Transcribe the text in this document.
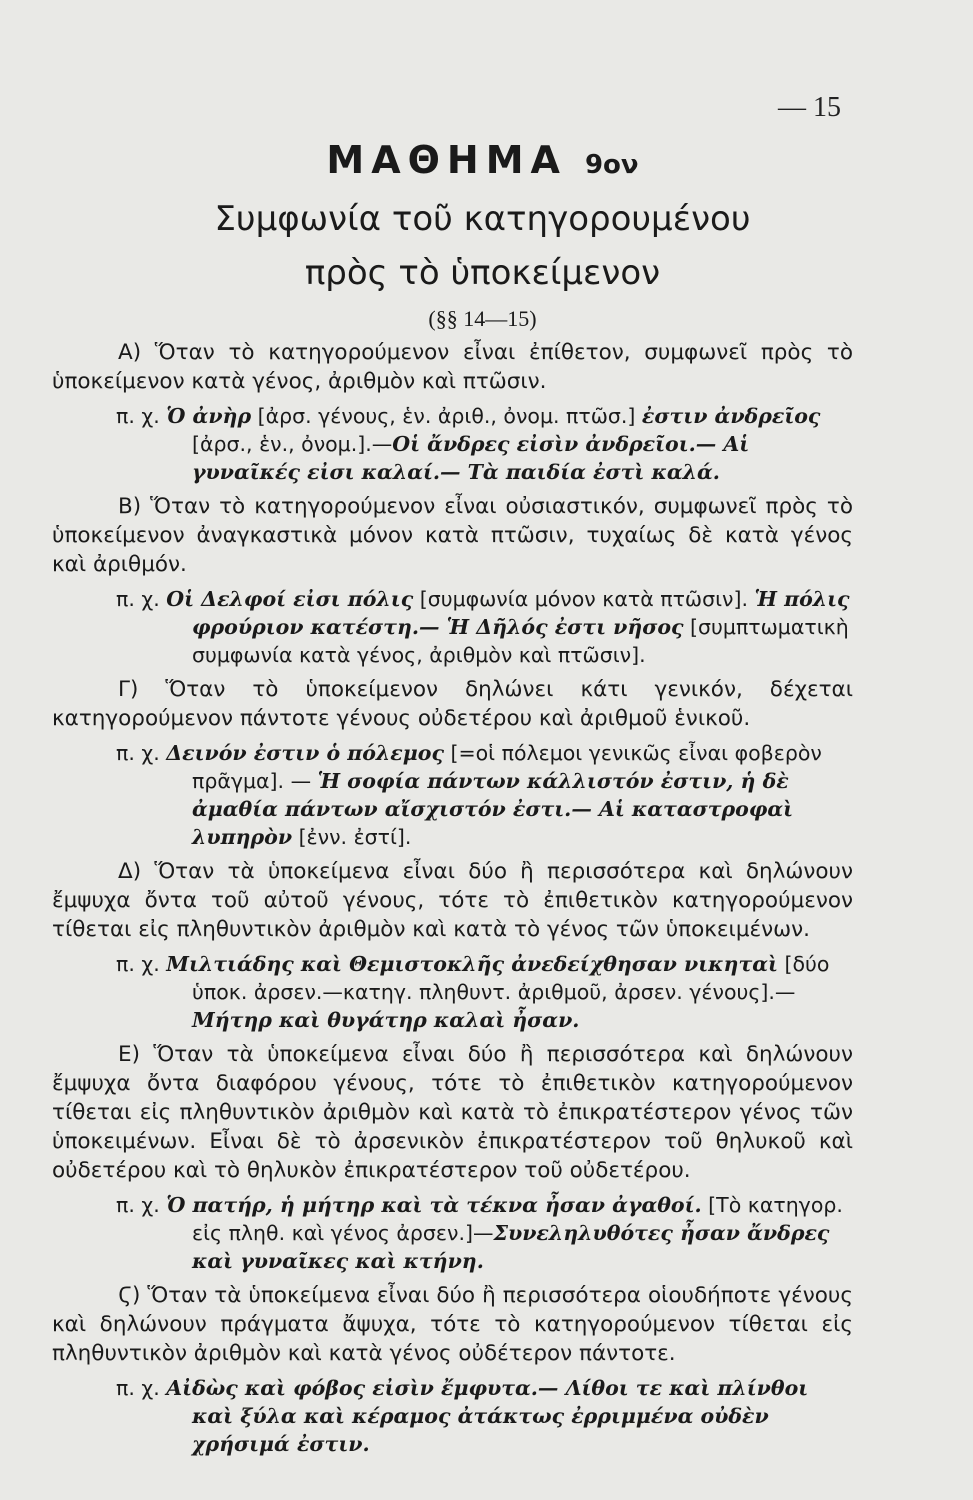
— 15
ΜΑΘΗΜΑ 9ον
Συμφωνία τοῦ κατηγορουμένου
πρὸς τὸ ὑποκείμενον
(§§ 14—15)

Α) Ὅταν τὸ κατηγορούμενον εἶναι ἐπίθετον, συμφωνεῖ πρὸς τὸ ὑποκείμενον κατὰ γένος, ἀριθμὸν καὶ πτῶσιν.

π. χ. Ὁ ἀνὴρ [ἀρσ. γένους, ἑν. ἀριθ., ὀνομ. πτῶσ.] ἐστιν ἀνδρεῖος [ἀρσ., ἑν., ὀνομ.].—Οἱ ἄνδρες εἰσὶν ἀνδρεῖοι.— Αἱ γυναῖκές εἰσι καλαί.— Τὰ παιδία ἐστὶ καλά.

Β) Ὅταν τὸ κατηγορούμενον εἶναι οὐσιαστικόν, συμφωνεῖ πρὸς τὸ ὑποκείμενον ἀναγκαστικὰ μόνον κατὰ πτῶσιν, τυχαίως δὲ κατὰ γένος καὶ ἀριθμόν.

π. χ. Οἱ Δελφοί εἰσι πόλις [συμφωνία μόνον κατὰ πτῶσιν]. Ἡ πόλις φρούριον κατέστη.— Ἡ Δῆλός ἐστι νῆσος [συμπτωματικὴ συμφωνία κατὰ γένος, ἀριθμὸν καὶ πτῶσιν].

Γ) Ὅταν τὸ ὑποκείμενον δηλώνει κάτι γενικόν, δέχεται κατηγορούμενον πάντοτε γένους οὐδετέρου καὶ ἀριθμοῦ ἑνικοῦ.

π. χ. Δεινόν ἐστιν ὁ πόλεμος [=οἱ πόλεμοι γενικῶς εἶναι φοβερὸν πρᾶγμα]. — Ἡ σοφία πάντων κάλλιστόν ἐστιν, ἡ δὲ ἀμαθία πάντων αἴσχιστόν ἐστι.— Αἱ καταστροφαὶ λυπηρὸν [ἐνν. ἐστί].

Δ) Ὅταν τὰ ὑποκείμενα εἶναι δύο ἢ περισσότερα καὶ δηλώνουν ἔμψυχα ὄντα τοῦ αὐτοῦ γένους, τότε τὸ ἐπιθετικὸν κατηγορούμενον τίθεται εἰς πληθυντικὸν ἀριθμὸν καὶ κατὰ τὸ γένος τῶν ὑποκειμένων.

π. χ. Μιλτιάδης καὶ Θεμιστοκλῆς ἀνεδείχθησαν νικηταὶ [δύο ὑποκ. ἀρσεν.—κατηγ. πληθυντ. ἀριθμοῦ, ἀρσεν. γένους].—Μήτηρ καὶ θυγάτηρ καλαὶ ἦσαν.

Ε) Ὅταν τὰ ὑποκείμενα εἶναι δύο ἢ περισσότερα καὶ δηλώνουν ἔμψυχα ὄντα διαφόρου γένους, τότε τὸ ἐπιθετικὸν κατηγορούμενον τίθεται εἰς πληθυντικὸν ἀριθμὸν καὶ κατὰ τὸ ἐπικρατέστερον γένος τῶν ὑποκειμένων. Εἶναι δὲ τὸ ἀρσενικὸν ἐπικρατέστερον τοῦ θηλυκοῦ καὶ οὐδετέρου καὶ τὸ θηλυκὸν ἐπικρατέστερον τοῦ οὐδετέρου.

π. χ. Ὁ πατήρ, ἡ μήτηρ καὶ τὰ τέκνα ἦσαν ἀγαθοί. [Τὸ κατηγορ. εἰς πληθ. καὶ γένος ἀρσεν.]—Συνεληλυθότες ἦσαν ἄνδρες καὶ γυναῖκες καὶ κτήνη.

Ϛ) Ὅταν τὰ ὑποκείμενα εἶναι δύο ἢ περισσότερα οἱουδήποτε γένους καὶ δηλώνουν πράγματα ἄψυχα, τότε τὸ κατηγορούμενον τίθεται εἰς πληθυντικὸν ἀριθμὸν καὶ κατὰ γένος οὐδέτερον πάντοτε.

π. χ. Αἰδὼς καὶ φόβος εἰσὶν ἔμφυτα.— Λίθοι τε καὶ πλίνθοι καὶ ξύλα καὶ κέραμος ἀτάκτως ἐρριμμένα οὐδὲν χρήσιμά ἐστιν.
